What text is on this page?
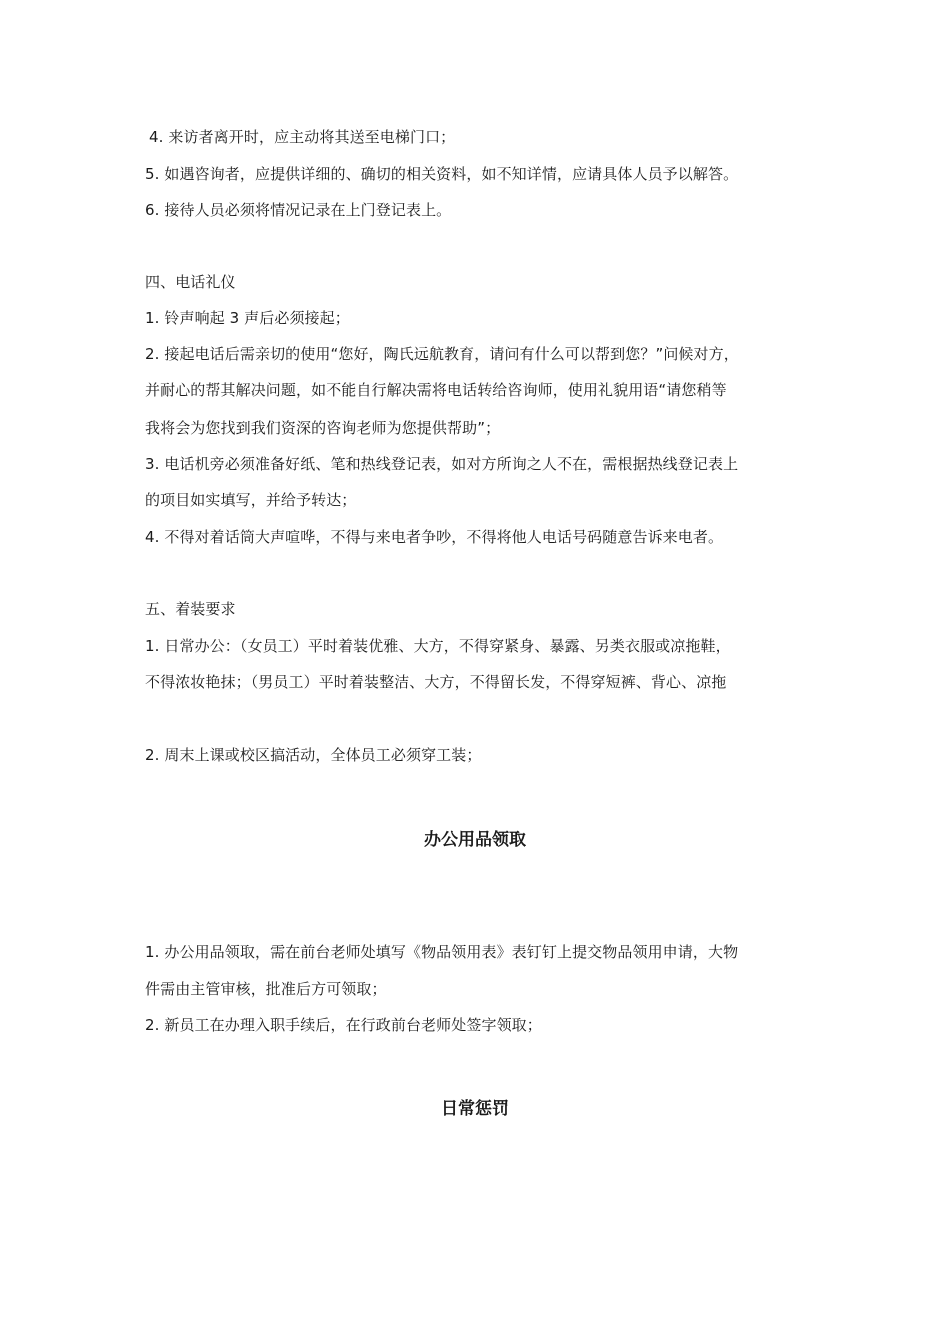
4. 来访者离开时，应主动将其送至电梯门口；
5. 如遇咨询者，应提供详细的、确切的相关资料，如不知详情，应请具体人员予以解答。
6. 接待人员必须将情况记录在上门登记表上。
四、电话礼仪
1. 铃声响起 3 声后必须接起；
2. 接起电话后需亲切的使用“您好，陶氏远航教育，请问有什么可以帮到您？”问候对方，
并耐心的帮其解决问题，如不能自行解决需将电话转给咨询师，使用礼貌用语“请您稍等
我将会为您找到我们资深的咨询老师为您提供帮助”；
3. 电话机旁必须准备好纸、笔和热线登记表，如对方所询之人不在，需根据热线登记表上
的项目如实填写，并给予转达；
4. 不得对着话筒大声喧哗，不得与来电者争吵，不得将他人电话号码随意告诉来电者。
五、着装要求
1. 日常办公：（女员工）平时着装优雅、大方，不得穿紧身、暴露、另类衣服或凉拖鞋，
不得浓妆艳抹；（男员工）平时着装整洁、大方，不得留长发，不得穿短裤、背心、凉拖
2. 周末上课或校区搞活动，全体员工必须穿工装；
办公用品领取
1. 办公用品领取，需在前台老师处填写《物品领用表》表钉钉上提交物品领用申请，大物
件需由主管审核，批准后方可领取；
2. 新员工在办理入职手续后，在行政前台老师处签字领取；
日常惩罚
